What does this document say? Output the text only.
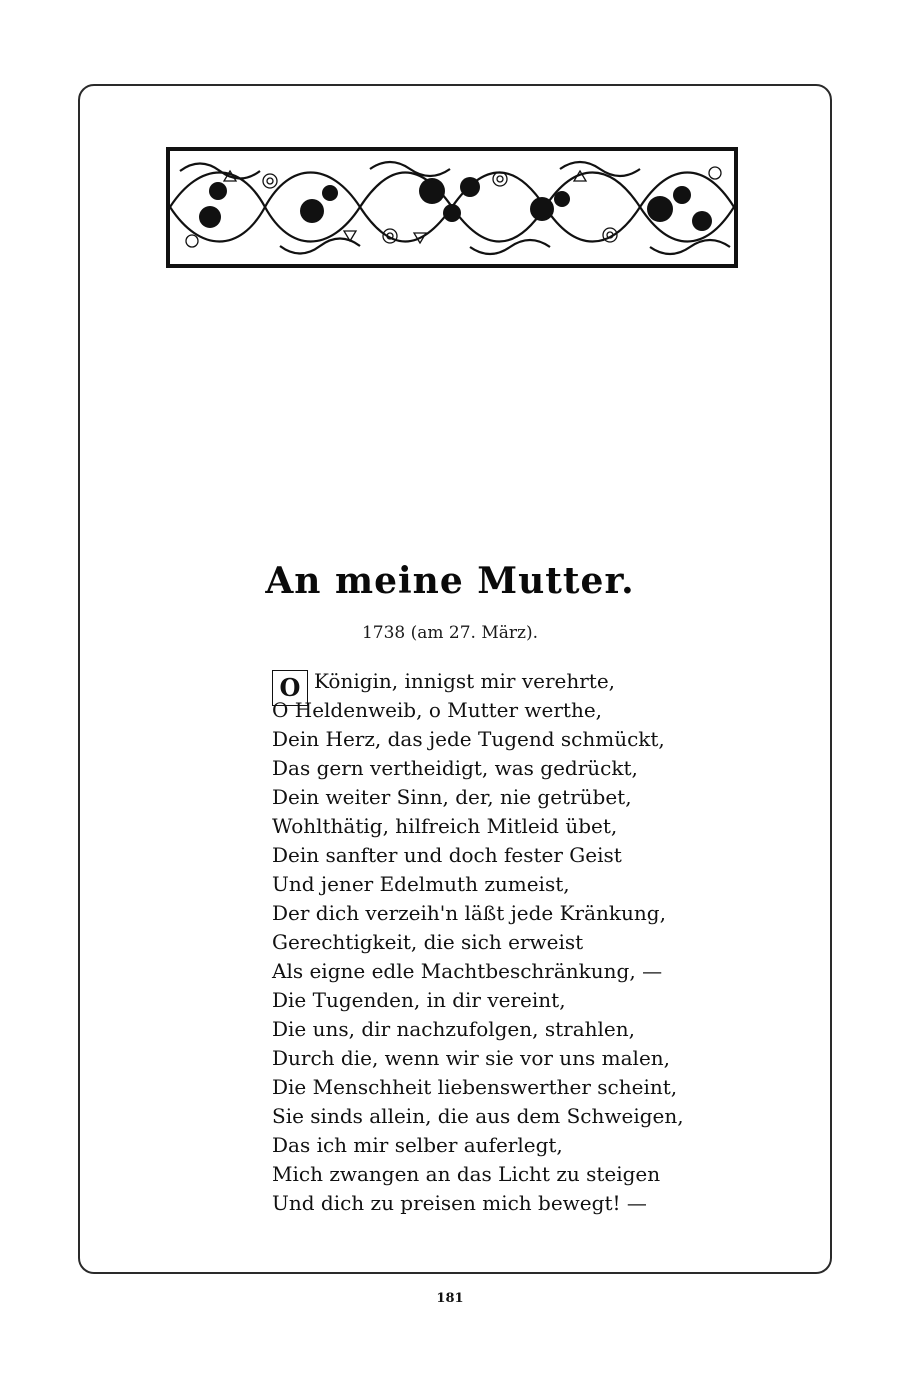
An meine Mutter.
1738 (am 27. März).
O Königin, innigst mir verehrte,
O Heldenweib, o Mutter werthe,
Dein Herz, das jede Tugend schmückt,
Das gern vertheidigt, was gedrückt,
Dein weiter Sinn, der, nie getrübet,
Wohlthätig, hilfreich Mitleid übet,
Dein sanfter und doch fester Geist
Und jener Edelmuth zumeist,
Der dich verzeih'n läßt jede Kränkung,
Gerechtigkeit, die sich erweist
Als eigne edle Machtbeschränkung, —
Die Tugenden, in dir vereint,
Die uns, dir nachzufolgen, strahlen,
Durch die, wenn wir sie vor uns malen,
Die Menschheit liebenswerther scheint,
Sie sinds allein, die aus dem Schweigen,
Das ich mir selber auferlegt,
Mich zwangen an das Licht zu steigen
Und dich zu preisen mich bewegt! —
181
